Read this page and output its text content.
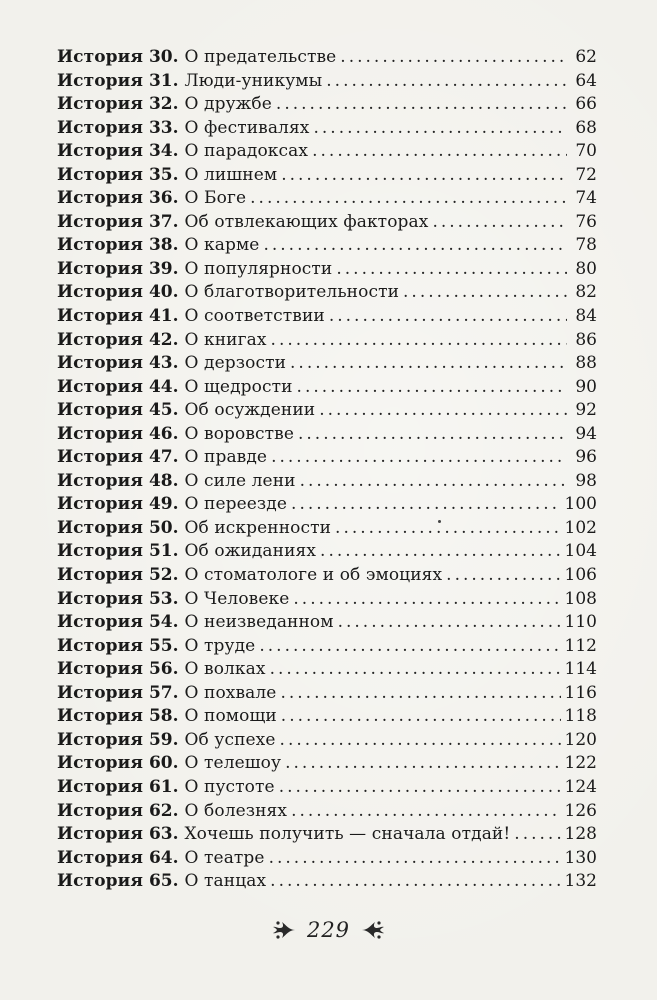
История 30 . О предательстве . . .	62
История 31 . Люди-уникумы . . .	64
История 32 . О дружбе . . .	66
История 33 . О фестивалях . . .	68
История 34 . О парадоксах . . .	70
История 35 . О лишнем . . .	72
История 36 . О Боге . . .	74
История 37 . Об отвлекающих факторах . . .	76
История 38 . О карме . . .	78
История 39 . О популярности . . .	80
История 40 . О благотворительности . . .	82
История 41 . О соответствии . . .	84
История 42 . О книгах . . .	86
История 43 . О дерзости . . .	88
История 44 . О щедрости . . .	90
История 45 . Об осуждении . . .	92
История 46 . О воровстве . . .	94
История 47 . О правде . . .	96
История 48 . О силе лени . . .	98
История 49 . О переезде . . .	100
История 50 . Об искренности . . .	102
История 51 . Об ожиданиях . . .	104
История 52 . О стоматологе и об эмоциях . . .	106
История 53 . О Человеке . . .	108
История 54 . О неизведанном . . .	110
История 55 . О труде . . .	112
История 56 . О волках . . .	114
История 57 . О похвале . . .	116
История 58 . О помощи . . .	118
История 59 . Об успехе . . .	120
История 60 . О телешоу . . .	122
История 61 . О пустоте . . .	124
История 62 . О болезнях . . .	126
История 63 . Хочешь получить — сначала отдай! . . .	128
История 64 . О театре . . .	130
История 65 . О танцах . . .	132
229
